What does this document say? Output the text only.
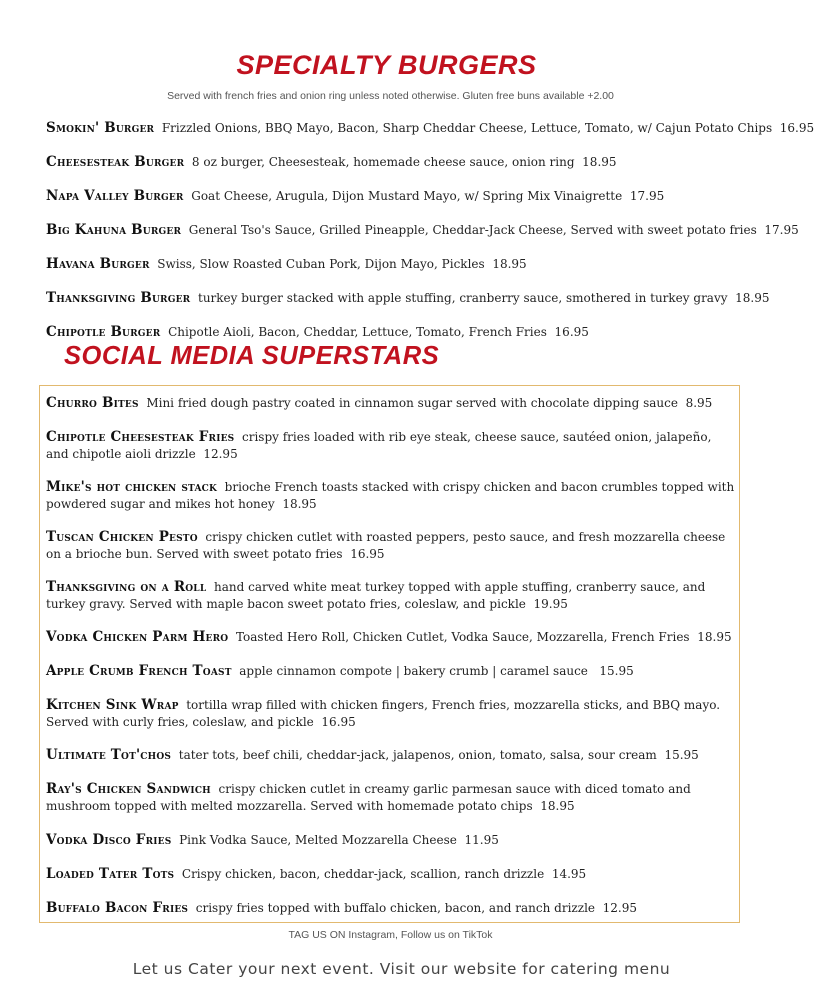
SPECIALTY BURGERS
Served with french fries and onion ring unless noted otherwise. Gluten free buns available +2.00
Smokin' Burger Frizzled Onions, BBQ Mayo, Bacon, Sharp Cheddar Cheese, Lettuce, Tomato, w/ Cajun Potato Chips 16.95
Cheesesteak Burger 8 oz burger, Cheesesteak, homemade cheese sauce, onion ring 18.95
Napa Valley Burger Goat Cheese, Arugula, Dijon Mustard Mayo, w/ Spring Mix Vinaigrette 17.95
Big Kahuna Burger General Tso's Sauce, Grilled Pineapple, Cheddar-Jack Cheese, Served with sweet potato fries 17.95
Havana Burger Swiss, Slow Roasted Cuban Pork, Dijon Mayo, Pickles 18.95
Thanksgiving Burger turkey burger stacked with apple stuffing, cranberry sauce, smothered in turkey gravy 18.95
Chipotle Burger Chipotle Aioli, Bacon, Cheddar, Lettuce, Tomato, French Fries 16.95
SOCIAL MEDIA SUPERSTARS
Churro Bites Mini fried dough pastry coated in cinnamon sugar served with chocolate dipping sauce 8.95
Chipotle Cheesesteak Fries crispy fries loaded with rib eye steak, cheese sauce, sautéed onion, jalapeño, and chipotle aioli drizzle 12.95
Mike's hot chicken stack brioche French toasts stacked with crispy chicken and bacon crumbles topped with powdered sugar and mikes hot honey 18.95
Tuscan Chicken Pesto crispy chicken cutlet with roasted peppers, pesto sauce, and fresh mozzarella cheese on a brioche bun. Served with sweet potato fries 16.95
Thanksgiving on a Roll hand carved white meat turkey topped with apple stuffing, cranberry sauce, and turkey gravy. Served with maple bacon sweet potato fries, coleslaw, and pickle 19.95
Vodka Chicken Parm Hero Toasted Hero Roll, Chicken Cutlet, Vodka Sauce, Mozzarella, French Fries 18.95
Apple Crumb French Toast apple cinnamon compote | bakery crumb | caramel sauce   15.95
Kitchen Sink Wrap tortilla wrap filled with chicken fingers, French fries, mozzarella sticks, and BBQ mayo. Served with curly fries, coleslaw, and pickle 16.95
Ultimate Tot'chos tater tots, beef chili, cheddar-jack, jalapenos, onion, tomato, salsa, sour cream 15.95
Ray's Chicken Sandwich crispy chicken cutlet in creamy garlic parmesan sauce with diced tomato and mushroom topped with melted mozzarella. Served with homemade potato chips 18.95
Vodka Disco Fries Pink Vodka Sauce, Melted Mozzarella Cheese 11.95
Loaded Tater Tots Crispy chicken, bacon, cheddar-jack, scallion, ranch drizzle 14.95
Buffalo Bacon Fries crispy fries topped with buffalo chicken, bacon, and ranch drizzle 12.95
TAG US ON Instagram, Follow us on TikTok
Let us Cater your next event. Visit our website for catering menu
